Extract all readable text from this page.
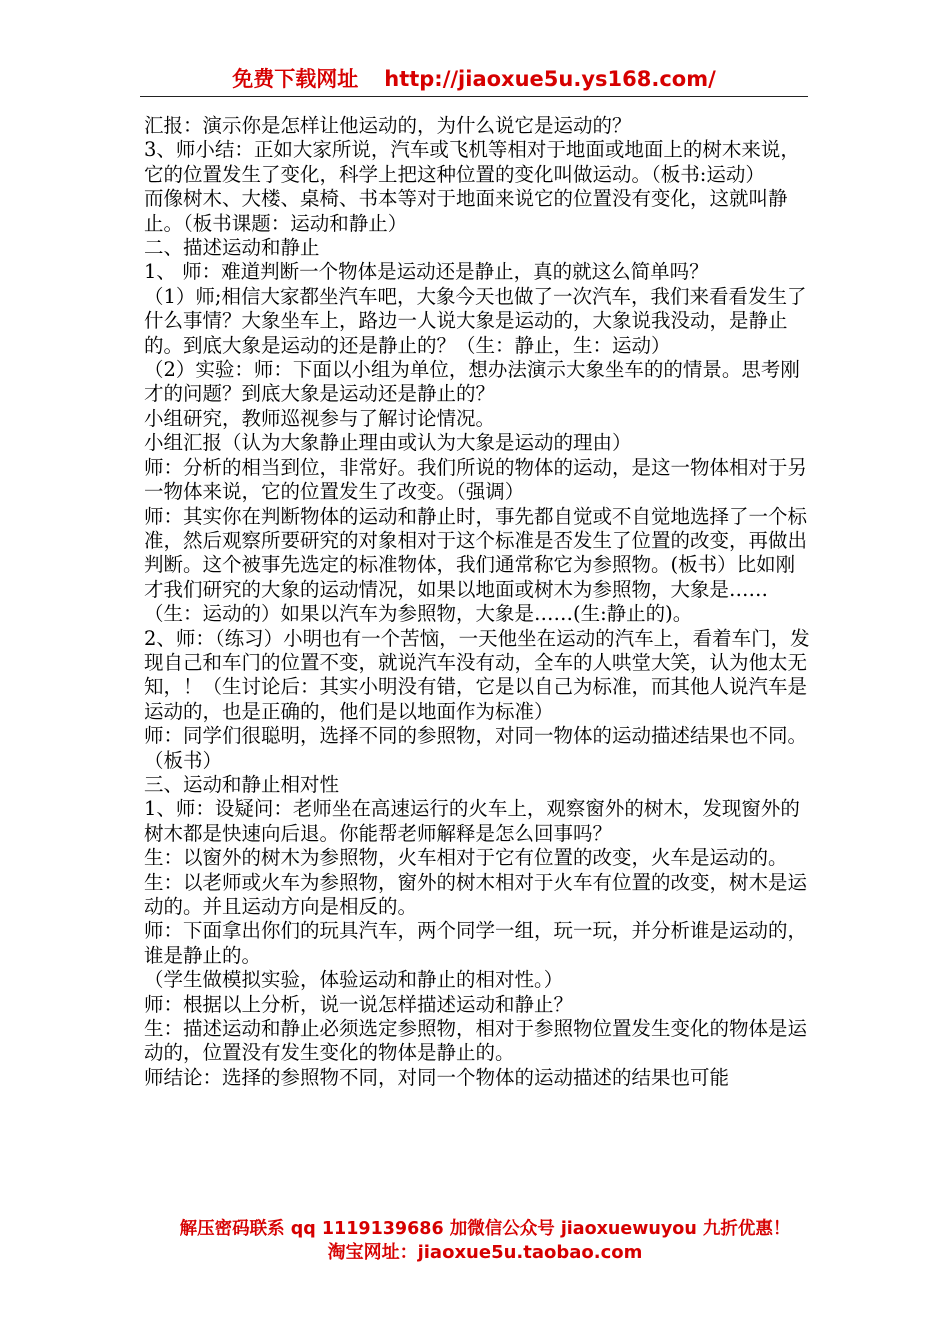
免费下载网址 http://jiaoxue5u.ys168.com/

汇报：演示你是怎样让他运动的，为什么说它是运动的？

3、师小结：正如大家所说，汽车或飞机等相对于地面或地面上的树木来说，它的位置发生了变化，科学上把这种位置的变化叫做运动。（板书:运动）

而像树木、大楼、桌椅、书本等对于地面来说它的位置没有变化，这就叫静止。（板书课题：运动和静止）

二、描述运动和静止

1、 师：难道判断一个物体是运动还是静止，真的就这么简单吗？

（1）师;相信大家都坐汽车吧，大象今天也做了一次汽车，我们来看看发生了什么事情？大象坐车上，路边一人说大象是运动的，大象说我没动，是静止的。到底大象是运动的还是静止的？（生：静止，生：运动）

（2）实验：师：下面以小组为单位，想办法演示大象坐车的的情景。思考刚才的问题？到底大象是运动还是静止的？

小组研究，教师巡视参与了解讨论情况。

小组汇报（认为大象静止理由或认为大象是运动的理由）

师：分析的相当到位，非常好。我们所说的物体的运动，是这一物体相对于另一物体来说，它的位置发生了改变。（强调）

师：其实你在判断物体的运动和静止时，事先都自觉或不自觉地选择了一个标准，然后观察所要研究的对象相对于这个标准是否发生了位置的改变，再做出判断。这个被事先选定的标准物体，我们通常称它为参照物。(板书）比如刚才我们研究的大象的运动情况，如果以地面或树木为参照物，大象是……（生：运动的）如果以汽车为参照物，大象是……(生:静止的)。

2、师：（练习）小明也有一个苦恼，一天他坐在运动的汽车上，看着车门，发现自己和车门的位置不变，就说汽车没有动，全车的人哄堂大笑，认为他太无知，！（生讨论后：其实小明没有错，它是以自己为标准，而其他人说汽车是运动的，也是正确的，他们是以地面作为标准）

师：同学们很聪明，选择不同的参照物，对同一物体的运动描述结果也不同。（板书）

三、运动和静止相对性

1、师：设疑问：老师坐在高速运行的火车上，观察窗外的树木，发现窗外的树木都是快速向后退。你能帮老师解释是怎么回事吗？

生：以窗外的树木为参照物，火车相对于它有位置的改变，火车是运动的。

生：以老师或火车为参照物，窗外的树木相对于火车有位置的改变，树木是运动的。并且运动方向是相反的。

师：下面拿出你们的玩具汽车，两个同学一组，玩一玩，并分析谁是运动的，谁是静止的。

（学生做模拟实验，体验运动和静止的相对性。）

师：根据以上分析，说一说怎样描述运动和静止？

生：描述运动和静止必须选定参照物，相对于参照物位置发生变化的物体是运动的，位置没有发生变化的物体是静止的。

师结论：选择的参照物不同，对同一个物体的运动描述的结果也可能

解压密码联系 qq 1119139686 加微信公众号 jiaoxuewuyou 九折优惠！
淘宝网址：jiaoxue5u.taobao.com
